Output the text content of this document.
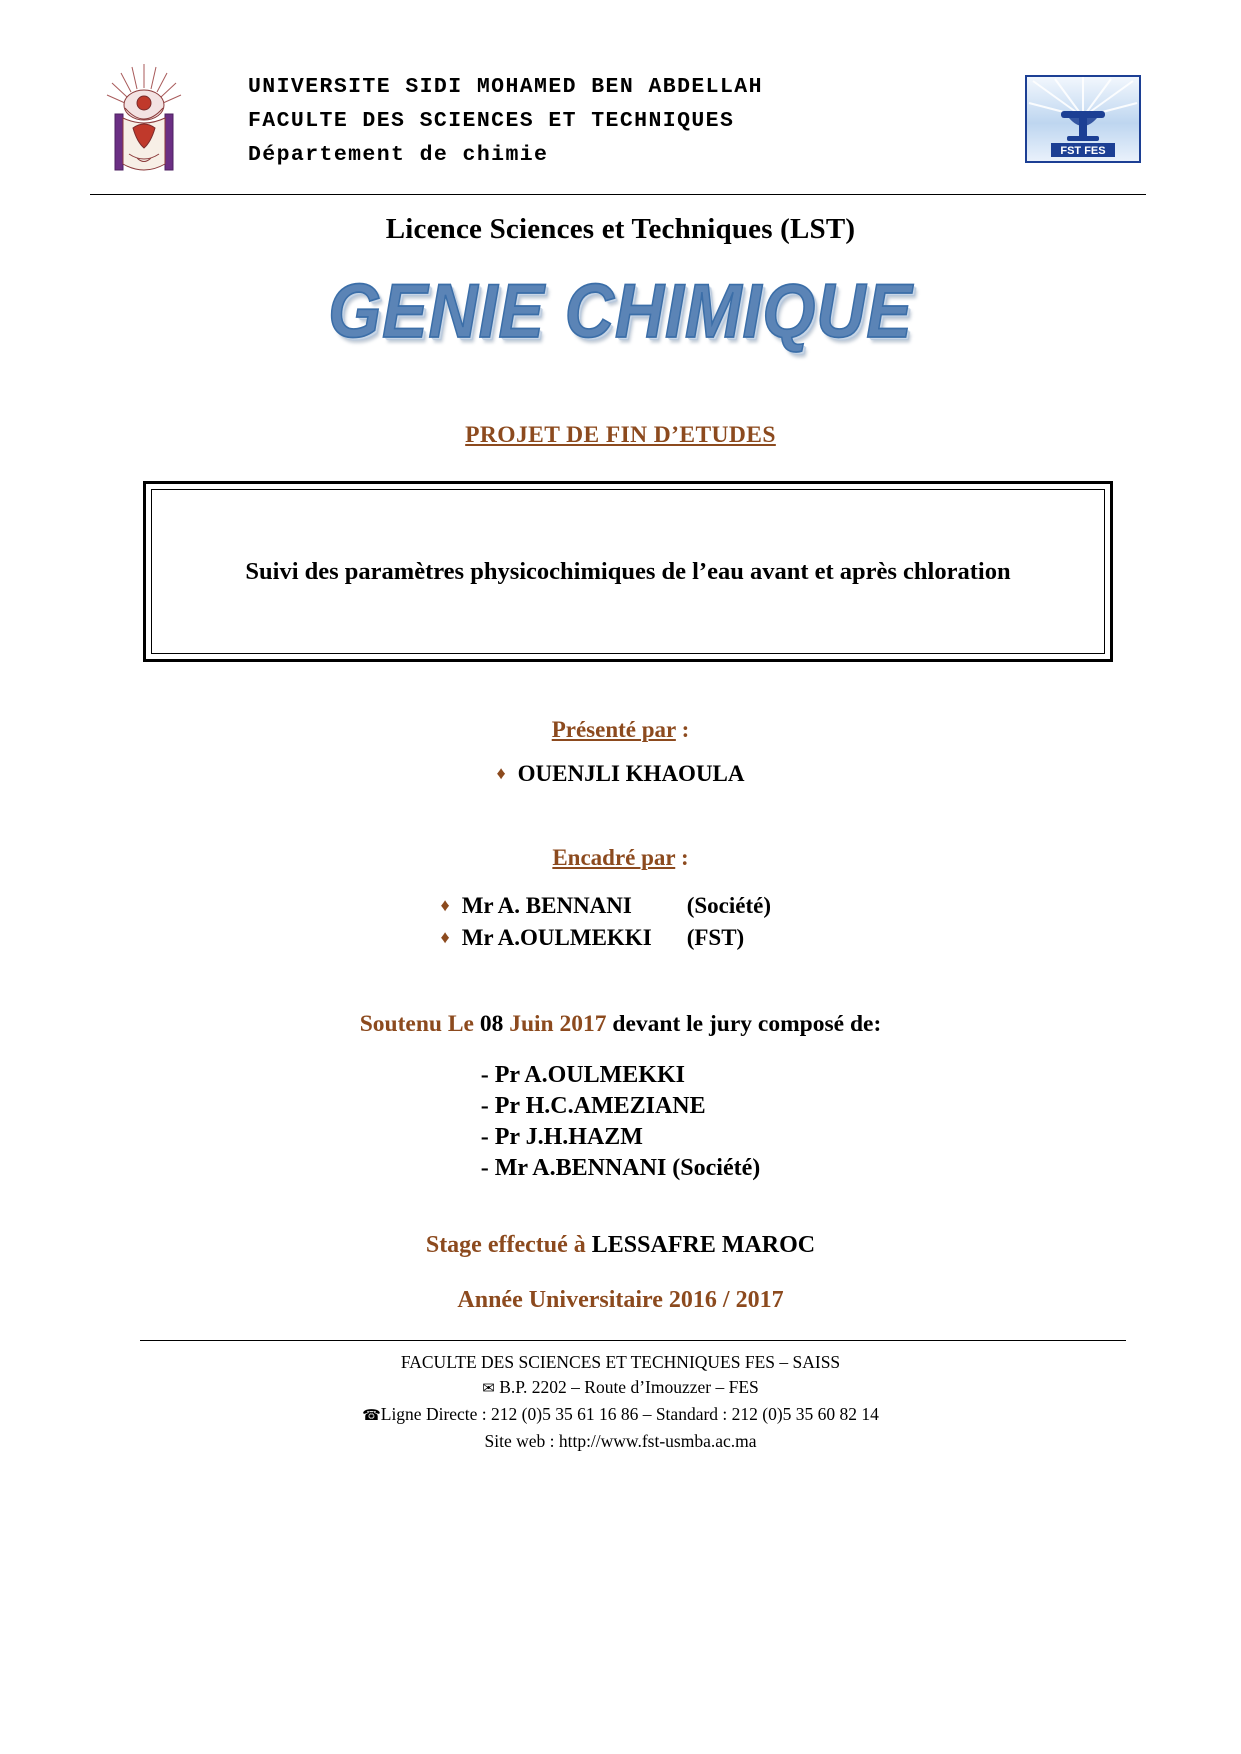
UNIVERSITE SIDI MOHAMED BEN ABDELLAH
FACULTE DES SCIENCES ET TECHNIQUES
Département de chimie	FST FES
Licence Sciences et Techniques (LST)
GENIE CHIMIQUE
PROJET DE FIN D’ETUDES
Suivi des paramètres physicochimiques de l’eau avant et après chloration
Présenté par :
♦ OUENJLI KHAOULA
Encadré par :
♦ Mr A. BENNANI (Société)
♦ Mr A.OULMEKKI (FST)
Soutenu Le 08 Juin 2017 devant le jury composé de:
- Pr A.OULMEKKI
- Pr H.C.AMEZIANE
- Pr J.H.HAZM
- Mr A.BENNANI (Société)
Stage effectué à LESSAFRE MAROC
Année Universitaire 2016 / 2017
FACULTE DES SCIENCES ET TECHNIQUES FES – SAISS
✉ B.P. 2202 – Route d’Imouzzer – FES
☎Ligne Directe : 212 (0)5 35 61 16 86 – Standard : 212 (0)5 35 60 82 14
Site web : http://www.fst-usmba.ac.ma
